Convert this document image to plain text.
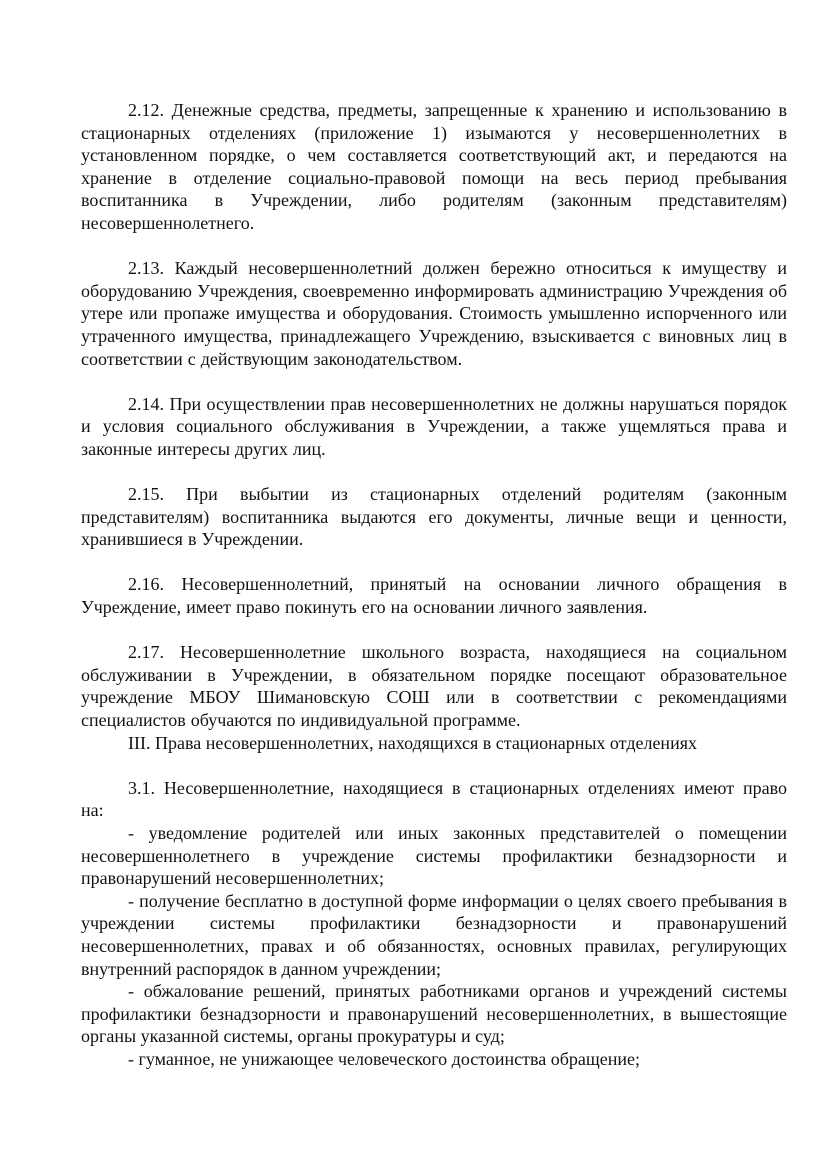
2.12. Денежные средства, предметы, запрещенные к хранению и использованию в стационарных отделениях (приложение 1) изымаются у несовершеннолетних в установленном порядке, о чем составляется соответствующий акт, и передаются на хранение в отделение социально-правовой помощи на весь период пребывания воспитанника в Учреждении, либо родителям (законным представителям) несовершеннолетнего.

2.13. Каждый несовершеннолетний должен бережно относиться к имуществу и оборудованию Учреждения, своевременно информировать администрацию Учреждения об утере или пропаже имущества и оборудования. Стоимость умышленно испорченного или утраченного имущества, принадлежащего Учреждению, взыскивается с виновных лиц в соответствии с действующим законодательством.

2.14. При осуществлении прав несовершеннолетних не должны нарушаться порядок и условия социального обслуживания в Учреждении, а также ущемляться права и законные интересы других лиц.

2.15. При выбытии из стационарных отделений родителям (законным представителям) воспитанника выдаются его документы, личные вещи и ценности, хранившиеся в Учреждении.

2.16. Несовершеннолетний, принятый на основании личного обращения в Учреждение, имеет право покинуть его на основании личного заявления.

2.17. Несовершеннолетние школьного возраста, находящиеся на социальном обслуживании в Учреждении, в обязательном порядке посещают образовательное учреждение МБОУ Шимановскую СОШ или в соответствии с рекомендациями специалистов обучаются по индивидуальной программе.

III. Права несовершеннолетних, находящихся в стационарных отделениях

3.1. Несовершеннолетние, находящиеся в стационарных отделениях имеют право на:

- уведомление родителей или иных законных представителей о помещении несовершеннолетнего в учреждение системы профилактики безнадзорности и правонарушений несовершеннолетних;

- получение бесплатно в доступной форме информации о целях своего пребывания в учреждении системы профилактики безнадзорности и правонарушений несовершеннолетних, правах и об обязанностях, основных правилах, регулирующих внутренний распорядок в данном учреждении;

- обжалование решений, принятых работниками органов и учреждений системы профилактики безнадзорности и правонарушений несовершеннолетних, в вышестоящие органы указанной системы, органы прокуратуры и суд;

- гуманное, не унижающее человеческого достоинства обращение;
